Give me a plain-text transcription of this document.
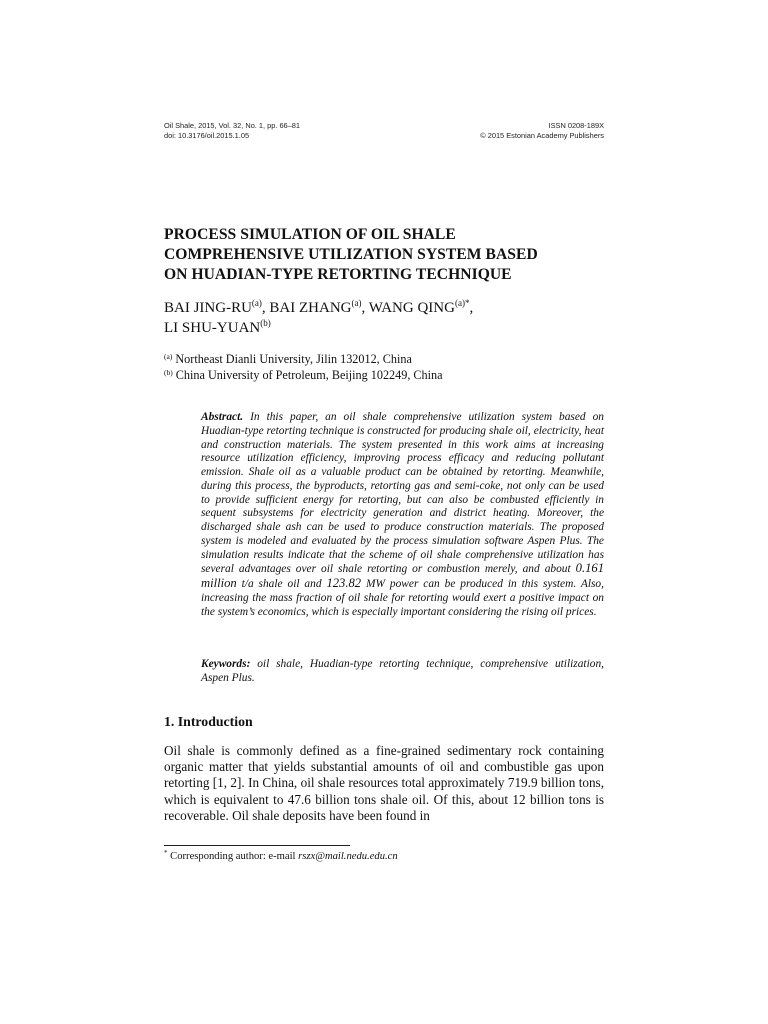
Oil Shale, 2015, Vol. 32, No. 1, pp. 66–81	ISSN 0208-189X
doi: 10.3176/oil.2015.1.05	© 2015 Estonian Academy Publishers
PROCESS SIMULATION OF OIL SHALE
COMPREHENSIVE UTILIZATION SYSTEM BASED
ON HUADIAN-TYPE RETORTING TECHNIQUE
BAI JING-RU$^{(a)}$, BAI ZHANG$^{(a)}$, WANG $QING^{(a)*}$,
LI SHU-YUAN$^{(b)}$
$^{(a)}$ Northeast Dianli University, Jilin 132012, China
$^{(b)}$ China University of Petroleum, Beijing 102249, China
Abstract. In this paper, an oil shale comprehensive utilization system based on Huadian-type retorting technique is constructed for producing shale oil, electricity, heat and construction materials. The system presented in this work aims at increasing resource utilization efficiency, improving process efficacy and reducing pollutant emission. Shale oil as a valuable product can be obtained by retorting. Meanwhile, during this process, the byproducts, retorting gas and semi-coke, not only can be used to provide sufficient energy for retorting, but can also be combusted efficiently in sequent subsystems for electricity generation and district heating. Moreover, the discharged shale ash can be used to produce construction materials. The proposed system is modeled and evaluated by the process simulation software Aspen Plus. The simulation results indicate that the scheme of oil shale comprehensive utilization has several advantages over oil shale retorting or combustion merely, and about 0.161 million t/a shale oil and 123.82 MW power can be produced in this system. Also, increasing the mass fraction of oil shale for retorting would exert a positive impact on the system’s economics, which is especially important considering the rising oil prices.
Keywords: oil shale, Huadian-type retorting technique, comprehensive utilization, Aspen Plus.
1. Introduction
Oil shale is commonly defined as a fine-grained sedimentary rock containing organic matter that yields substantial amounts of oil and combustible gas upon retorting [1, 2]. In China, oil shale resources total approximately 719.9 billion tons, which is equivalent to 47.6 billion tons shale oil. Of this, about 12 billion tons is recoverable. Oil shale deposits have been found in
* Corresponding author: e-mail rszx@mail.nedu.edu.cn
